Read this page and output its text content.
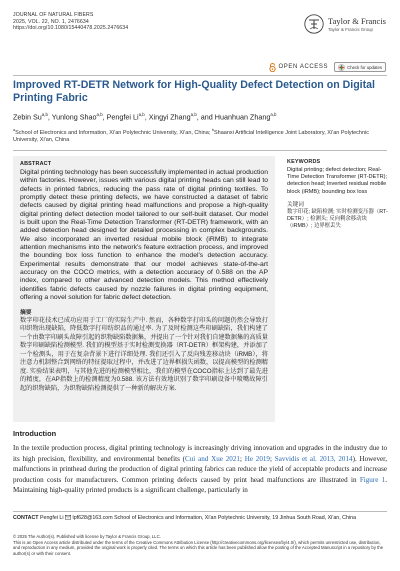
JOURNAL OF NATURAL FIBERS
2025, VOL. 22, NO. 1, 2476634
https://doi.org/10.1080/15440478.2025.2476634
Taylor & Francis
Taylor & Francis Group
OPEN ACCESS	Check for updates
Improved RT-DETR Network for High-Quality Defect Detection on Digital Printing Fabric
Zebin Su$^{a,b}$, Yunlong Shao$^{a,b}$, Pengfei Li$^{a,b}$, Xingyi Zhang$^{a,b}$, and Huanhuan Zhang$^{a,b}$
$^a$School of Electronics and Information, Xi'an Polytechnic University, Xi'an, China; $^b$Shaanxi Artificial Intelligence Joint Laboratory, Xi'an Polytechnic University, Xi'an, China
ABSTRACT
Digital printing technology has been successfully implemented in actual production within factories. However, issues with various digital printing heads can still lead to defects in printed fabrics, reducing the pass rate of digital printing textiles. To promptly detect these printing defects, we have constructed a dataset of fabric defects caused by digital printing head malfunctions and propose a high-quality digital printing defect detection model tailored to our self-built dataset. Our model is built upon the Real-Time Detection Transformer (RT-DETR) framework, with an added detection head designed for detailed processing in complex backgrounds. We also incorporated an inverted residual mobile block (iRMB) to integrate attention mechanisms into the network's feature extraction process, and improved the bounding box loss function to enhance the model's detection accuracy. Experimental results demonstrate that our model achieves state-of-the-art accuracy on the COCO metrics, with a detection accuracy of 0.588 on the AP index, compared to other advanced detection models. This method effectively identifies fabric defects caused by nozzle failures in digital printing equipment, offering a novel solution for fabric defect detection.
摘要
数字印花技术已成功应用于工厂的实际生产中. 然而，各种数字打印头的问题仍然会导致打印织物出现缺陷，降低数字打印纺织品的通过率. 为了及时检测这些印刷缺陷，我们构建了一个由数字印刷头故障引起的织物缺陷数据集，并提出了一个针对我们自建数据集的高质量数字印刷缺陷检测模型. 我们的模型基于实时检测变换器（RT-DETR）框架构建，并添加了一个检测头，用于在复杂背景下进行详细处理. 我们还引入了反向残差移动块（iRMB），将注意力机制整合到网络的特征提取过程中，并改进了边界框损失函数，以提高模型的检测精度. 实验结果表明，与其他先进的检测模型相比，我们的模型在COCO指标上达到了最先进的精度，在AP指数上的检测精度为0.588. 该方法有效地识别了数字印刷设备中喷嘴故障引起的织物缺陷，为织物缺陷检测提供了一种新的解决方案.
KEYWORDS
Digital printing; defect detection; Real-Time Detection Transformer (RT-DETR); detection head; Inverted residual mobile block (iRMB); bounding box loss
关键词
数字印花; 缺陷检测; 实时检测变压器（RT-DETR）; 检测头; 反向剩余移动块（iRMB）; 边界框丢失
Introduction
In the textile production process, digital printing technology is increasingly driving innovation and upgrades in the industry due to its high precision, flexibility, and environmental benefits (Cui and Xue 2021; He 2019; Savvidis et al. 2013, 2014). However, malfunctions in printhead during the production of digital printing fabrics can reduce the yield of acceptable products and increase production costs for manufacturers. Common printing defects caused by print head malfunctions are illustrated in Figure 1. Maintaining high-quality printed products is a significant challenge, particularly in
CONTACT Pengfei Li lpf628@163.com School of Electronics and Information, Xi'an Polytechnic University, 19 Jinhua South Road, Xi'an, China
© 2025 The Author(s). Published with license by Taylor & Francis Group, LLC.
This is an Open Access article distributed under the terms of the Creative Commons Attribution License (http://creativecommons.org/licenses/by/4.0/), which permits unrestricted use, distribution, and reproduction in any medium, provided the original work is properly cited. The terms on which this article has been published allow the posting of the Accepted Manuscript in a repository by the author(s) or with their consent.
